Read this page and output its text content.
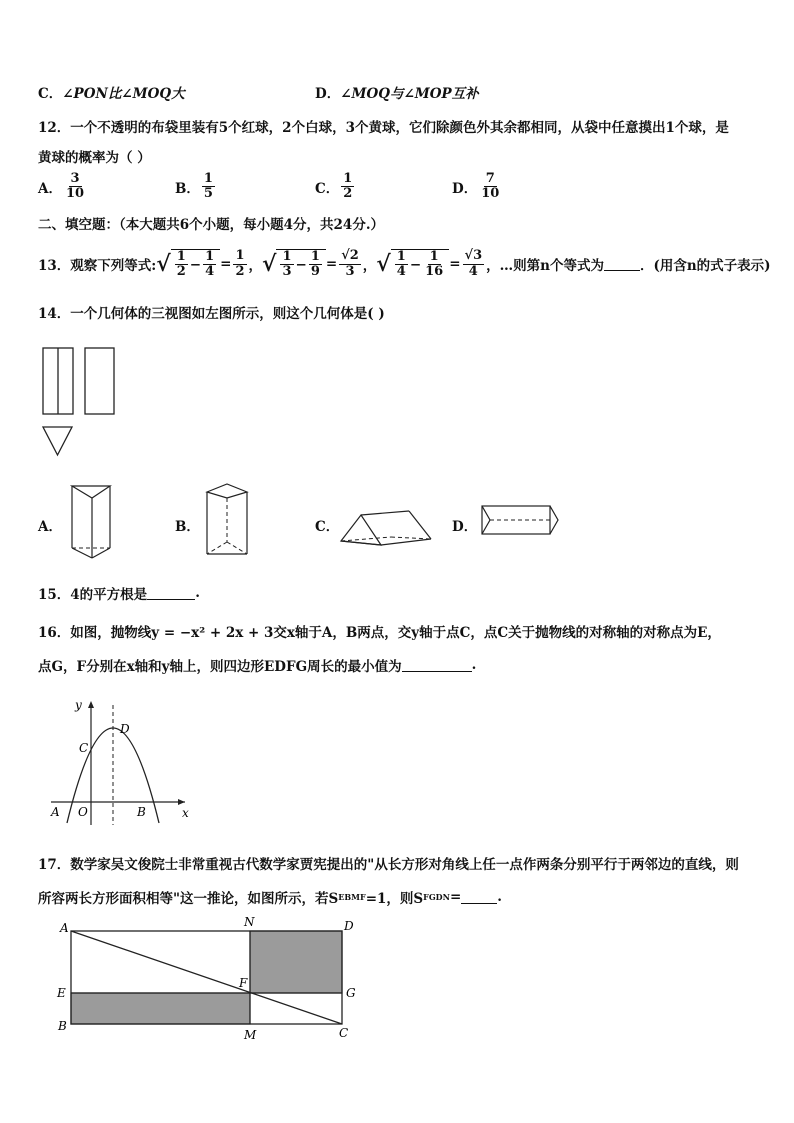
C．∠PON比∠MOQ大	D．∠MOQ与∠MOP互补
12．一个不透明的布袋里装有5个红球，2个白球，3个黄球，它们除颜色外其余都相同，从袋中任意摸出1个球，是
黄球的概率为（ ）
A． $\frac{3}{10}$	B． $\frac{1}{5}$	C． $\frac{1}{2}$	D． $\frac{7}{10}$
二、填空题：（本大题共6个小题，每小题4分，共24分.）
13．观察下列等式: √ $\frac{1}{2} - \frac{1}{4} = \frac{1}{2}$ ， √ $\frac{1}{3} - \frac{1}{9} = \frac{√2}{3}$ ， √ $\frac{1}{4} - \frac{1}{16} = \frac{√3}{4}$ ，…则第n个等式为	．(用含n的式子表示)
14．一个几何体的三视图如左图所示，则这个几何体是( )
A．	B．	C．	D．
15．4的平方根是	.
16．如图，抛物线y = −x² + 2x + 3交x轴于A，B两点，交y轴于点C，点C关于抛物线的对称轴的对称点为E，
点G，F分别在x轴和y轴上，则四边形EDFG周长的最小值为	.
y
x
D
C
A O	B
17．数学家吴文俊院士非常重视古代数学家贾宪提出的"从长方形对角线上任一点作两条分别平行于两邻边的直线，则
所容两长方形面积相等"这一推论，如图所示，若S EBMF =1，则S FGDN =	.
A	N	D
E
F
G
B
M	C
